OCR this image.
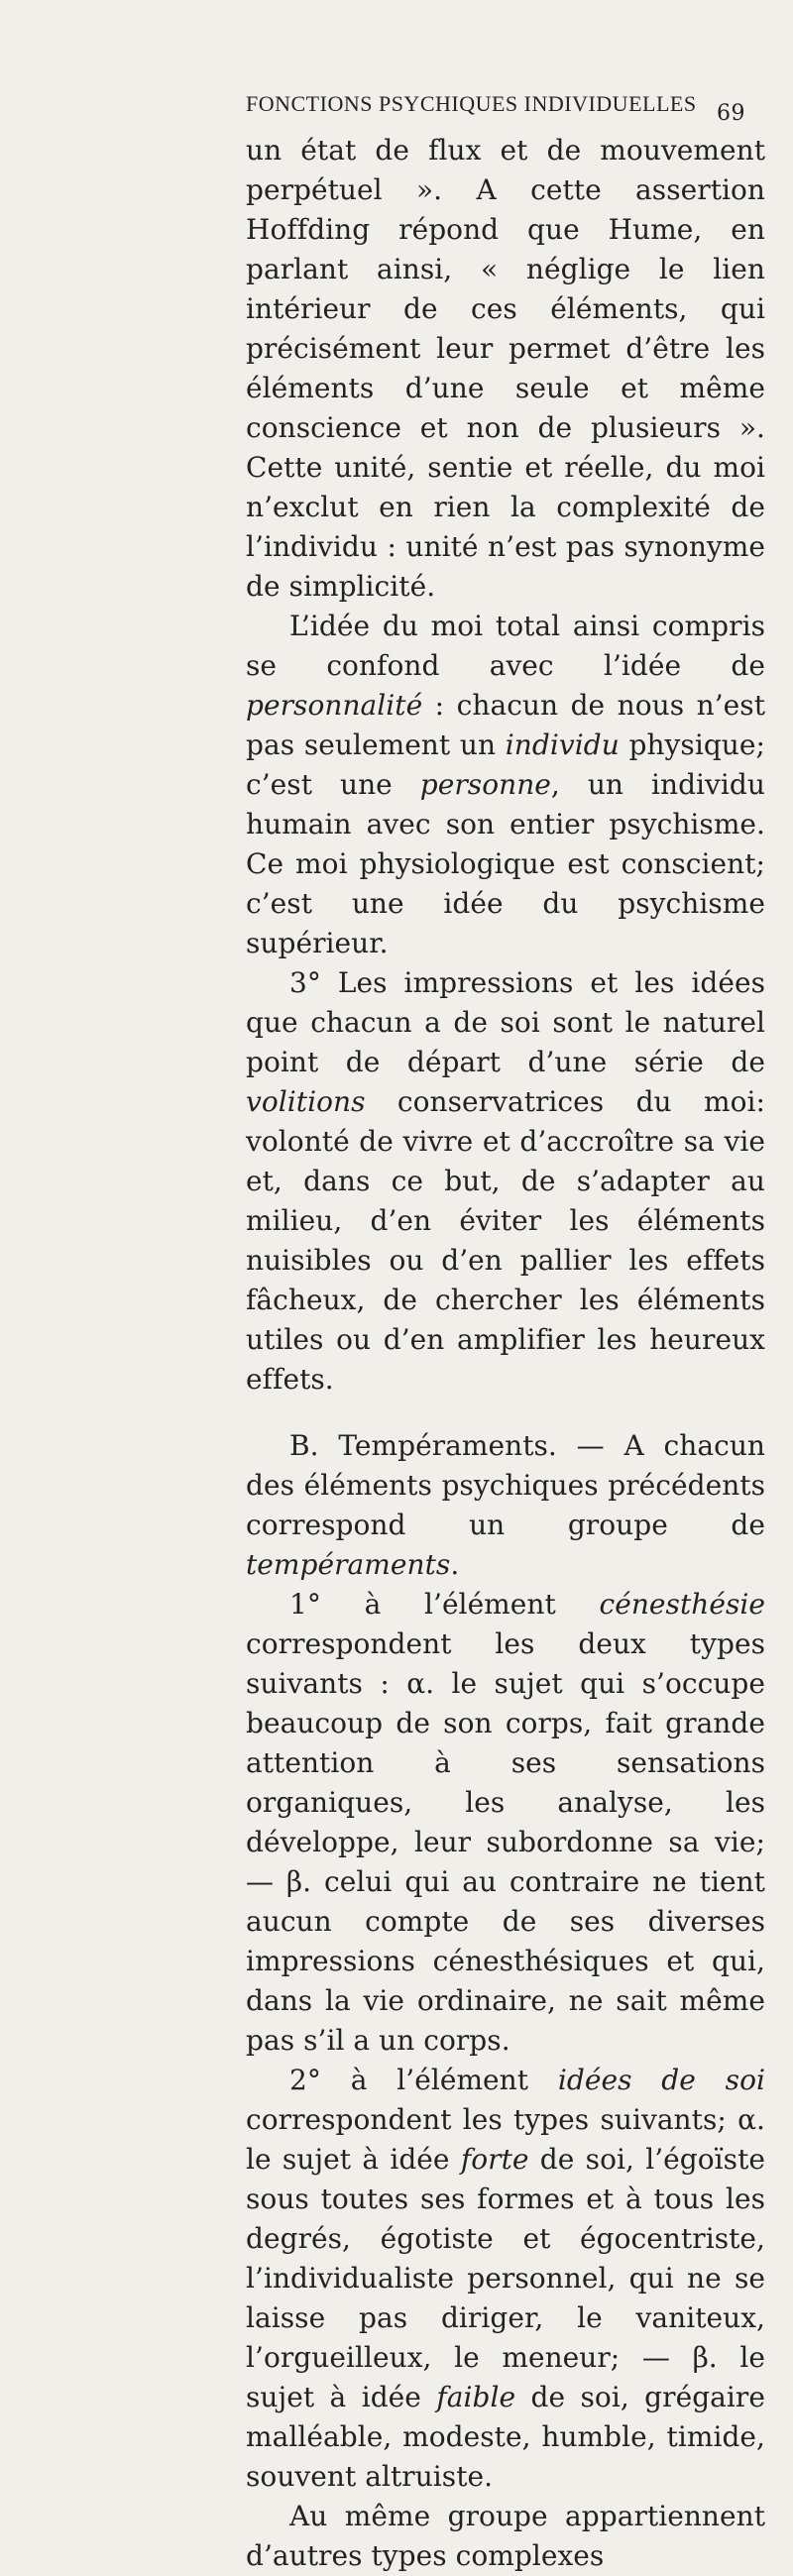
FONCTIONS PSYCHIQUES INDIVIDUELLES 69

un état de flux et de mouvement perpétuel ». A cette assertion Hoffding répond que Hume, en parlant ainsi, « néglige le lien intérieur de ces éléments, qui précisément leur permet d’être les éléments d’une seule et même conscience et non de plusieurs ». Cette unité, sentie et réelle, du moi n’exclut en rien la complexité de l’individu : unité n’est pas synonyme de simplicité.

L’idée du moi total ainsi compris se confond avec l’idée de personnalité : chacun de nous n’est pas seulement un individu physique; c’est une personne, un individu humain avec son entier psychisme. Ce moi physiologique est conscient; c’est une idée du psychisme supérieur.

3° Les impressions et les idées que chacun a de soi sont le naturel point de départ d’une série de volitions conservatrices du moi: volonté de vivre et d’accroître sa vie et, dans ce but, de s’adapter au milieu, d’en éviter les éléments nuisibles ou d’en pallier les effets fâcheux, de chercher les éléments utiles ou d’en amplifier les heureux effets.

B. Tempéraments. — A chacun des éléments psychiques précédents correspond un groupe de tempéraments.

1° à l’élément cénesthésie correspondent les deux types suivants : α. le sujet qui s’occupe beaucoup de son corps, fait grande attention à ses sensations organiques, les analyse, les développe, leur subordonne sa vie; — β. celui qui au contraire ne tient aucun compte de ses diverses impressions cénesthésiques et qui, dans la vie ordinaire, ne sait même pas s’il a un corps.

2° à l’élément idées de soi correspondent les types suivants; α. le sujet à idée forte de soi, l’égoïste sous toutes ses formes et à tous les degrés, égotiste et égocentriste, l’individualiste personnel, qui ne se laisse pas diriger, le vaniteux, l’orgueilleux, le meneur; — β. le sujet à idée faible de soi, grégaire malléable, modeste, humble, timide, souvent altruiste.

Au même groupe appartiennent d’autres types complexes
